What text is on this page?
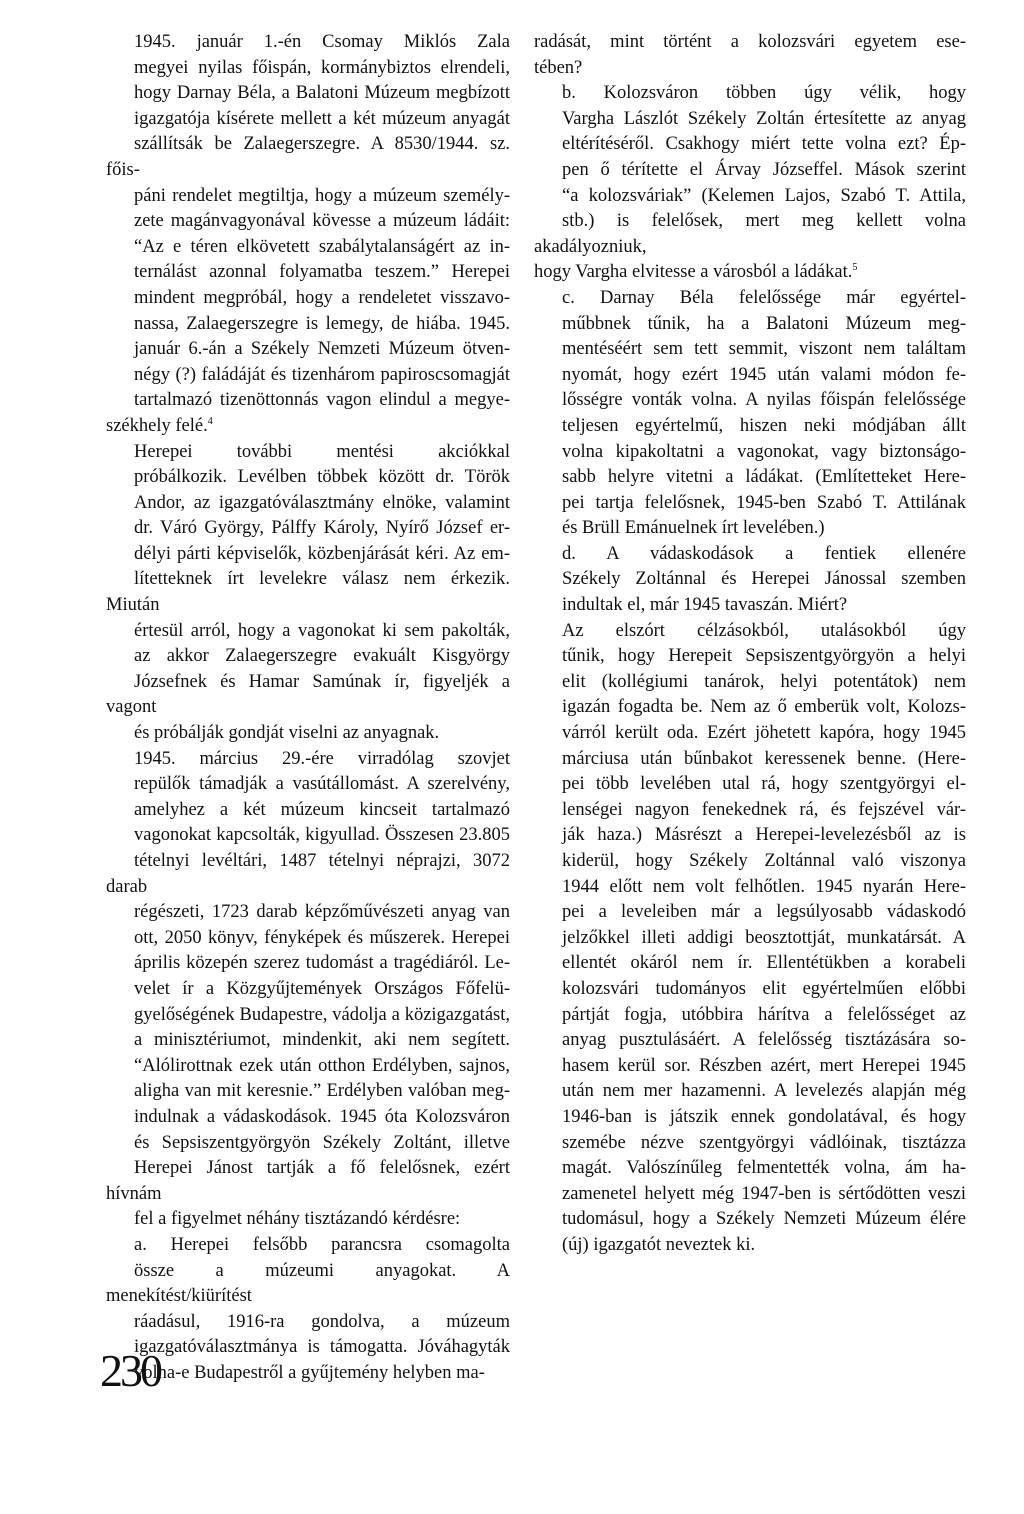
1945. január 1.-én Csomay Miklós Zala
megyei nyilas főispán, kormánybiztos elrendeli,
hogy Darnay Béla, a Balatoni Múzeum megbízott
igazgatója kísérete mellett a két múzeum anyagát
szállítsák be Zalaegerszegre. A 8530/1944. sz. főis-
páni rendelet megtiltja, hogy a múzeum személy-
zete magánvagyonával kövesse a múzeum ládáit:
“Az e téren elkövetett szabálytalanságért az in-
ternálást azonnal folyamatba teszem.” Herepei
mindent megpróbál, hogy a rendeletet visszavo-
nassa, Zalaegerszegre is lemegy, de hiába. 1945.
január 6.-án a Székely Nemzeti Múzeum ötven-
négy (?) faládáját és tizenhárom papiroscsomagját
tartalmazó tizenöttonnás vagon elindul a megye-
székhely felé.$^4$

Herepei további mentési akciókkal
próbálkozik. Levélben többek között dr. Török
Andor, az igazgatóválasztmány elnöke, valamint
dr. Váró György, Pálffy Károly, Nyírő József er-
délyi párti képviselők, közbenjárását kéri. Az em-
lítetteknek írt levelekre válasz nem érkezik. Miután
értesül arról, hogy a vagonokat ki sem pakolták,
az akkor Zalaegerszegre evakuált Kisgyörgy
Józsefnek és Hamar Samúnak ír, figyeljék a vagont
és próbálják gondját viselni az anyagnak.

1945. március 29.-ére virradólag szovjet
repülők támadják a vasútállomást. A szerelvény,
amelyhez a két múzeum kincseit tartalmazó
vagonokat kapcsolták, kigyullad. Összesen 23.805
tételnyi levéltári, 1487 tételnyi néprajzi, 3072 darab
régészeti, 1723 darab képzőművészeti anyag van
ott, 2050 könyv, fényképek és műszerek. Herepei
április közepén szerez tudomást a tragédiáról. Le-
velet ír a Közgyűjtemények Országos Főfelü-
gyelőségének Budapestre, vádolja a közigazgatást,
a minisztériumot, mindenkit, aki nem segített.
“Alólirottnak ezek után otthon Erdélyben, sajnos,
aligha van mit keresnie.” Erdélyben valóban meg-
indulnak a vádaskodások. 1945 óta Kolozsváron
és Sepsiszentgyörgyön Székely Zoltánt, illetve
Herepei Jánost tartják a fő felelősnek, ezért hívnám
fel a figyelmet néhány tisztázandó kérdésre:

a. Herepei felsőbb parancsra csomagolta
össze a múzeumi anyagokat. A menekítést/kiürítést
ráadásul, 1916-ra gondolva, a múzeum
igazgatóválasztmánya is támogatta. Jóváhagyták
volna-e Budapestről a gyűjtemény helyben ma-

radását, mint történt a kolozsvári egyetem ese-
tében?

b. Kolozsváron többen úgy vélik, hogy
Vargha Lászlót Székely Zoltán értesítette az anyag
eltérítéséről. Csakhogy miért tette volna ezt? Ép-
pen ő térítette el Árvay Józseffel. Mások szerint
“a kolozsváriak” (Kelemen Lajos, Szabó T. Attila,
stb.) is felelősek, mert meg kellett volna akadályozniuk,
hogy Vargha elvitesse a városból a ládákat.$^5$

c. Darnay Béla felelőssége már egyértel-
műbbnek tűnik, ha a Balatoni Múzeum meg-
mentéséért sem tett semmit, viszont nem találtam
nyomát, hogy ezért 1945 után valami módon fe-
lősségre vonták volna. A nyilas főispán felelőssége
teljesen egyértelmű, hiszen neki módjában állt
volna kipakoltatni a vagonokat, vagy biztonságo-
sabb helyre vitetni a ládákat. (Említetteket Here-
pei tartja felelősnek, 1945-ben Szabó T. Attilának
és Brüll Emánuelnek írt levelében.)

d. A vádaskodások a fentiek ellenére
Székely Zoltánnal és Herepei Jánossal szemben
indultak el, már 1945 tavaszán. Miért?

Az elszórt célzásokból, utalásokból úgy
tűnik, hogy Herepeit Sepsiszentgyörgyön a helyi
elit (kollégiumi tanárok, helyi potentátok) nem
igazán fogadta be. Nem az ő emberük volt, Kolozs-
várról került oda. Ezért jöhetett kapóra, hogy 1945
márciusa után bűnbakot keressenek benne. (Here-
pei több levelében utal rá, hogy szentgyörgyi el-
lenségei nagyon fenekednek rá, és fejszével vár-
ják haza.) Másrészt a Herepei-levelezésből az is
kiderül, hogy Székely Zoltánnal való viszonya
1944 előtt nem volt felhőtlen. 1945 nyarán Here-
pei a leveleiben már a legsúlyosabb vádaskodó
jelzőkkel illeti addigi beosztottját, munkatársát. A
ellentét okáról nem ír. Ellentétükben a korabeli
kolozsvári tudományos elit egyértelműen előbbi
pártját fogja, utóbbira hárítva a felelősséget az
anyag pusztulásáért. A felelősség tisztázására so-
hasem kerül sor. Részben azért, mert Herepei 1945
után nem mer hazamenni. A levelezés alapján még
1946-ban is játszik ennek gondolatával, és hogy
szemébe nézve szentgyörgyi vádlóinak, tisztázza
magát. Valószínűleg felmentették volna, ám ha-
zamenetel helyett még 1947-ben is sértődötten veszi
tudomásul, hogy a Székely Nemzeti Múzeum élére
(új) igazgatót neveztek ki.

230
